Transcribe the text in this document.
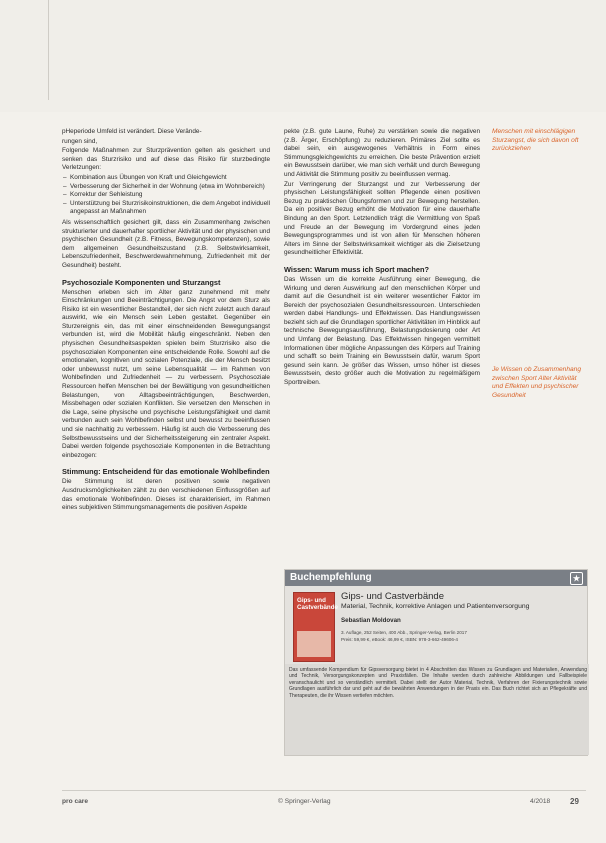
pHeperiode Umfeld ist verändert. Diese Verände-

rungen sind,

Folgende Maßnahmen zur Sturzprävention gelten als gesichert und senken das Sturzrisiko und auf diese das Risiko für sturzbedingte Verletzungen:

– Kombination aus Übungen von Kraft und Gleichgewicht
– Verbesserung der Sicherheit in der Wohnung (etwa im Wohnbereich)
– Korrektur der Sehleistung
– Unterstützung bei Sturzrisikoinstruktionen, die dem Angebot individuell angepasst an Maßnahmen

Als wissenschaftlich gesichert gilt, dass ein Zusammenhang zwischen strukturierter und dauerhafter sportlicher Aktivität und der physischen und psychischen Gesundheit (z.B. Fitness, Bewegungskompetenzen), sowie dem allgemeinen Gesundheitszustand (z.B. Selbstwirksamkeit, Lebenszufriedenheit, Beschwerdewahrnehmung, Zufriedenheit mit der Gesundheit) besteht.

Psychosoziale Komponenten und Sturzangst

Menschen erleben sich im Alter ganz zunehmend mit mehr Einschränkungen und Beeinträchtigungen. Die Angst vor dem Sturz als Risiko ist ein wesentlicher Bestandteil, der sich nicht zuletzt auch darauf auswirkt, wie ein Mensch sein Leben gestaltet. Gegenüber ein Sturzereignis ein, das mit einer einschneidenden Bewegungsangst verbunden ist, wird die Mobilität häufig eingeschränkt. Neben den physischen Gesundheitsaspekten spielen beim Sturzrisiko also die psychosozialen Komponenten eine entscheidende Rolle. Sowohl auf die emotionalen, kognitiven und sozialen Potenziale, die der Mensch besitzt oder unbewusst nutzt, um seine Lebensqualität — im Rahmen von Wohlbefinden und Zufriedenheit — zu verbessern. Psychosoziale Ressourcen helfen Menschen bei der Bewältigung von gesundheitlichen Belastungen, von Alltagsbeeinträchtigungen, Beschwerden, Missbehagen oder sozialen Konflikten. Sie versetzen den Menschen in die Lage, seine physische und psychische Leistungsfähigkeit und damit verbunden auch sein Wohlbefinden selbst und bewusst zu beeinflussen und sie nachhaltig zu verbessern. Häufig ist auch die Verbesserung des Selbstbewusstseins und der Sicherheitssteigerung ein zentraler Aspekt. Dabei werden folgende psychosoziale Komponenten in die Betrachtung einbezogen:

Stimmung: Entscheidend für das emotionale Wohlbefinden

Die Stimmung ist deren positiven sowie negativen Ausdrucksmöglichkeiten zählt zu den verschiedenen Einflussgrößen auf das emotionale Wohlbefinden. Dieses ist charakterisiert, im Rahmen eines subjektiven Stimmungsmanagements die positiven Aspekte

pekte (z.B. gute Laune, Ruhe) zu verstärken sowie die negativen (z.B. Ärger, Erschöpfung) zu reduzieren. Primäres Ziel sollte es dabei sein, ein ausgewogenes Verhältnis in Form eines Stimmungsgleichgewichts zu erreichen. Die beste Prävention erzielt ein Bewusstsein darüber, wie man sich verhält und durch Bewegung und Aktivität die Stimmung positiv zu beeinflussen vermag.

Zur Verringerung der Sturzangst und zur Verbesserung der physischen Leistungsfähigkeit sollten Pflegende einen positiven Bezug zu praktischen Übungsformen und zur Bewegung herstellen. Da ein positiver Bezug erhöht die Motivation für eine dauerhafte Bindung an den Sport. Letztendlich trägt die Vermittlung von Spaß und Freude an der Bewegung im Vordergrund eines jeden Bewegungsprogrammes und ist von allen für Menschen höheren Alters im Sinne der Selbstwirksamkeit wichtiger als die Zielsetzung gesundheitlicher Effektivität.

Wissen: Warum muss ich Sport machen?

Das Wissen um die korrekte Ausführung einer Bewegung, die Wirkung und deren Auswirkung auf den menschlichen Körper und damit auf die Gesundheit ist ein weiterer wesentlicher Faktor im Bereich der psychosozialen Gesundheitsressourcen. Unterschieden werden dabei Handlungs- und Effektwissen. Das Handlungswissen bezieht sich auf die Grundlagen sportlicher Aktivitäten im Hinblick auf technische Bewegungsausführung, Belastungsdosierung oder Art und Umfang der Belastung. Das Effektwissen hingegen vermittelt Informationen über mögliche Anpassungen des Körpers auf Training und schafft so beim Training ein Bewusstsein dafür, warum Sport gesund sein kann. Je größer das Wissen, umso höher ist dieses Bewusstsein, desto größer auch die Motivation zu regelmäßigem Sporttreiben.

Menschen mit einschlägigen Sturzangst, die sich davon oft zurückziehen
Je Wissen ob Zusammenhang zwischen Sport Alter Aktivität und Effekten und psychischer Gesundheit
Buchempfehlung	★
Gips- und Castverbände
Gips- und Castverbände
Material, Technik, korrektive Anlagen und Patientenversorgung
Sebastian Moldovan
3. Auflage, 252 Seiten, 400 Abb., Springer-Verlag, Berlin 2017
Preis: 59,99 €, eBook: 46,99 €, ISBN: 978-3-662-49606-4
Das umfassende Kompendium für Gipsversorgung bietet in 4 Abschnitten das Wissen zu Grundlagen und Materialien, Anwendung und Technik, Versorgungskonzepten und Praxisfällen. Die Inhalte werden durch zahlreiche Abbildungen und Fallbeispiele veranschaulicht und so verständlich vermittelt. Dabei stellt der Autor Material, Technik, Verfahren der Fixierungstechnik sowie Grundlagen ausführlich dar und geht auf die bewährten Anwendungen in der Praxis ein. Das Buch richtet sich an Pflegekräfte und Therapeuten, die ihr Wissen vertiefen möchten.
pro care	© Springer-Verlag	4/2018 29
